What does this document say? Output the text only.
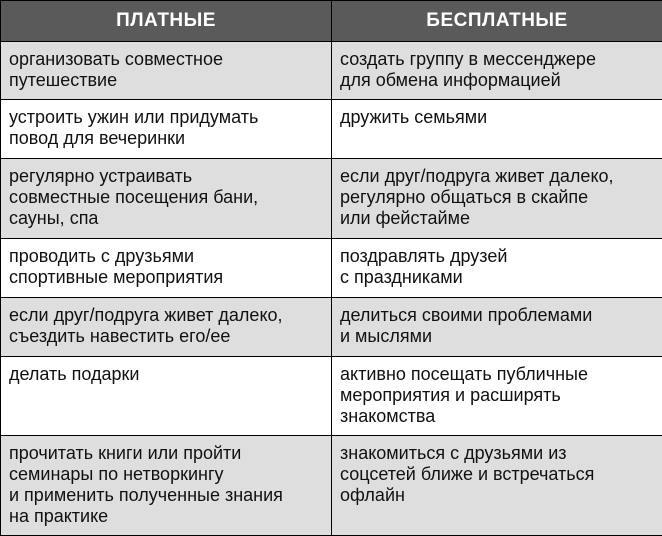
ПЛАТНЫЕ	БЕСПЛАТНЫЕ

организовать совместное
путешествие	создать группу в мессенджере
для обмена информацией

устроить ужин или придумать
повод для вечеринки	дружить семьями

регулярно устраивать
совместные посещения бани,
сауны, спа	если друг/подруга живет далеко,
регулярно общаться в скайпе
или фейстайме

проводить с друзьями
спортивные мероприятия	поздравлять друзей
с праздниками

если друг/подруга живет далеко,
съездить навестить его/ее	делиться своими проблемами
и мыслями

делать подарки	активно посещать публичные
мероприятия и расширять
знакомства

прочитать книги или пройти
семинары по нетворкингу
и применить полученные знания
на практике	знакомиться с друзьями из
соцсетей ближе и встречаться
офлайн
